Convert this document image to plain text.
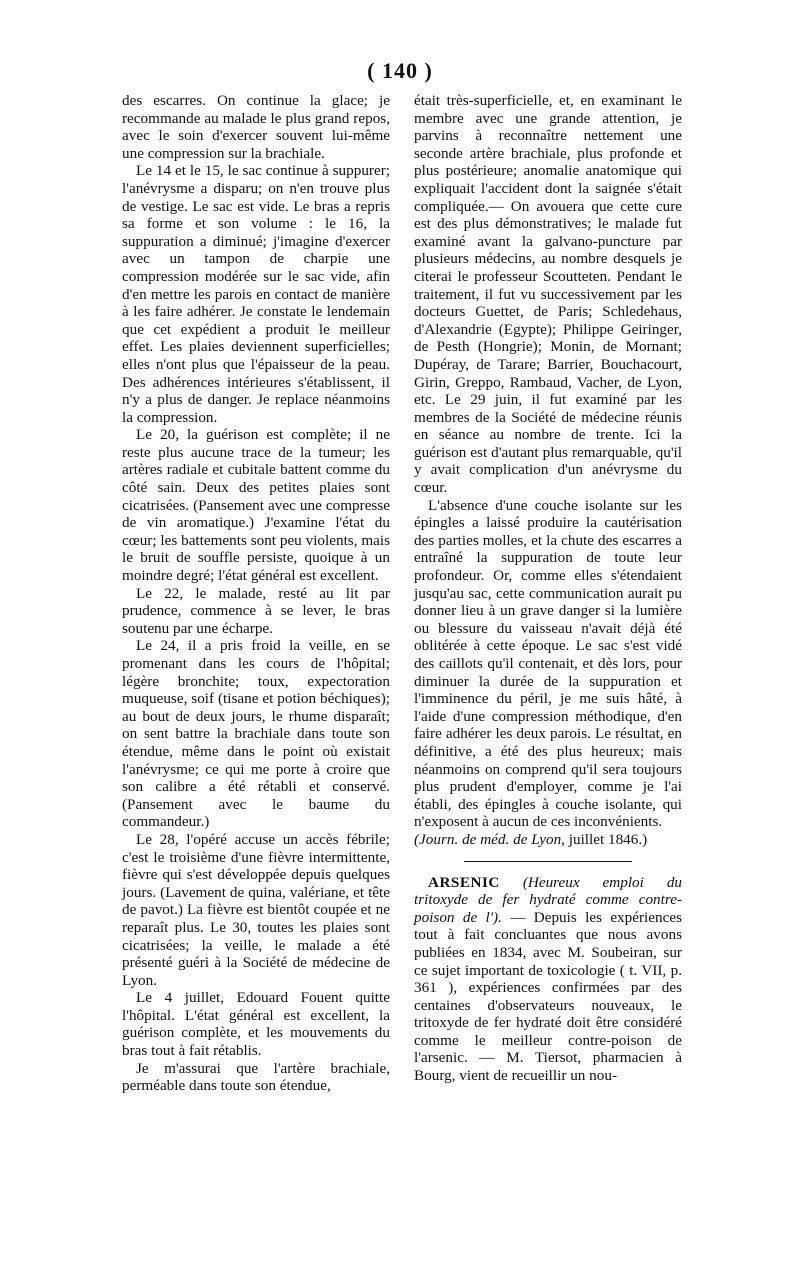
( 140 )

des escarres. On continue la glace; je recommande au malade le plus grand repos, avec le soin d'exercer souvent lui-même une compression sur la brachiale.

Le 14 et le 15, le sac continue à suppurer; l'anévrysme a disparu; on n'en trouve plus de vestige. Le sac est vide. Le bras a repris sa forme et son volume : le 16, la suppuration a diminué; j'imagine d'exercer avec un tampon de charpie une compression modérée sur le sac vide, afin d'en mettre les parois en contact de manière à les faire adhérer. Je constate le lendemain que cet expédient a produit le meilleur effet. Les plaies deviennent superficielles; elles n'ont plus que l'épaisseur de la peau. Des adhérences intérieures s'établissent, il n'y a plus de danger. Je replace néanmoins la compression.

Le 20, la guérison est complète; il ne reste plus aucune trace de la tumeur; les artères radiale et cubitale battent comme du côté sain. Deux des petites plaies sont cicatrisées. (Pansement avec une compresse de vin aromatique.) J'examine l'état du cœur; les battements sont peu violents, mais le bruit de souffle persiste, quoique à un moindre degré; l'état général est excellent.

Le 22, le malade, resté au lit par prudence, commence à se lever, le bras soutenu par une écharpe.

Le 24, il a pris froid la veille, en se promenant dans les cours de l'hôpital; légère bronchite; toux, expectoration muqueuse, soif (tisane et potion béchiques); au bout de deux jours, le rhume disparaît; on sent battre la brachiale dans toute son étendue, même dans le point où existait l'anévrysme; ce qui me porte à croire que son calibre a été rétabli et conservé. (Pansement avec le baume du commandeur.)

Le 28, l'opéré accuse un accès fébrile; c'est le troisième d'une fièvre intermittente, fièvre qui s'est développée depuis quelques jours. (Lavement de quina, valériane, et tête de pavot.) La fièvre est bientôt coupée et ne reparaît plus. Le 30, toutes les plaies sont cicatrisées; la veille, le malade a été présenté guéri à la Société de médecine de Lyon.

Le 4 juillet, Edouard Fouent quitte l'hôpital. L'état général est excellent, la guérison complète, et les mouvements du bras tout à fait rétablis.

Je m'assurai que l'artère brachiale, perméable dans toute son étendue,

était très-superficielle, et, en examinant le membre avec une grande attention, je parvins à reconnaître nettement une seconde artère brachiale, plus profonde et plus postérieure; anomalie anatomique qui expliquait l'accident dont la saignée s'était compliquée.— On avouera que cette cure est des plus démonstratives; le malade fut examiné avant la galvano-puncture par plusieurs médecins, au nombre desquels je citerai le professeur Scoutteten. Pendant le traitement, il fut vu successivement par les docteurs Guettet, de Paris; Schledehaus, d'Alexandrie (Egypte); Philippe Geiringer, de Pesth (Hongrie); Monin, de Mornant; Dupéray, de Tarare; Barrier, Bouchacourt, Girin, Greppo, Rambaud, Vacher, de Lyon, etc. Le 29 juin, il fut examiné par les membres de la Société de médecine réunis en séance au nombre de trente. Ici la guérison est d'autant plus remarquable, qu'il y avait complication d'un anévrysme du cœur.

L'absence d'une couche isolante sur les épingles a laissé produire la cautérisation des parties molles, et la chute des escarres a entraîné la suppuration de toute leur profondeur. Or, comme elles s'étendaient jusqu'au sac, cette communication aurait pu donner lieu à un grave danger si la lumière ou blessure du vaisseau n'avait déjà été oblitérée à cette époque. Le sac s'est vidé des caillots qu'il contenait, et dès lors, pour diminuer la durée de la suppuration et l'imminence du péril, je me suis hâté, à l'aide d'une compression méthodique, d'en faire adhérer les deux parois. Le résultat, en définitive, a été des plus heureux; mais néanmoins on comprend qu'il sera toujours plus prudent d'employer, comme je l'ai établi, des épingles à couche isolante, qui n'exposent à aucun de ces inconvénients.

(Journ. de méd. de Lyon, juillet 1846.)

ARSENIC (Heureux emploi du tritoxyde de fer hydraté comme contre-poison de l'). — Depuis les expériences tout à fait concluantes que nous avons publiées en 1834, avec M. Soubeiran, sur ce sujet important de toxicologie ( t. VII, p. 361 ), expériences confirmées par des centaines d'observateurs nouveaux, le tritoxyde de fer hydraté doit être considéré comme le meilleur contre-poison de l'arsenic. — M. Tiersot, pharmacien à Bourg, vient de recueillir un nou-
